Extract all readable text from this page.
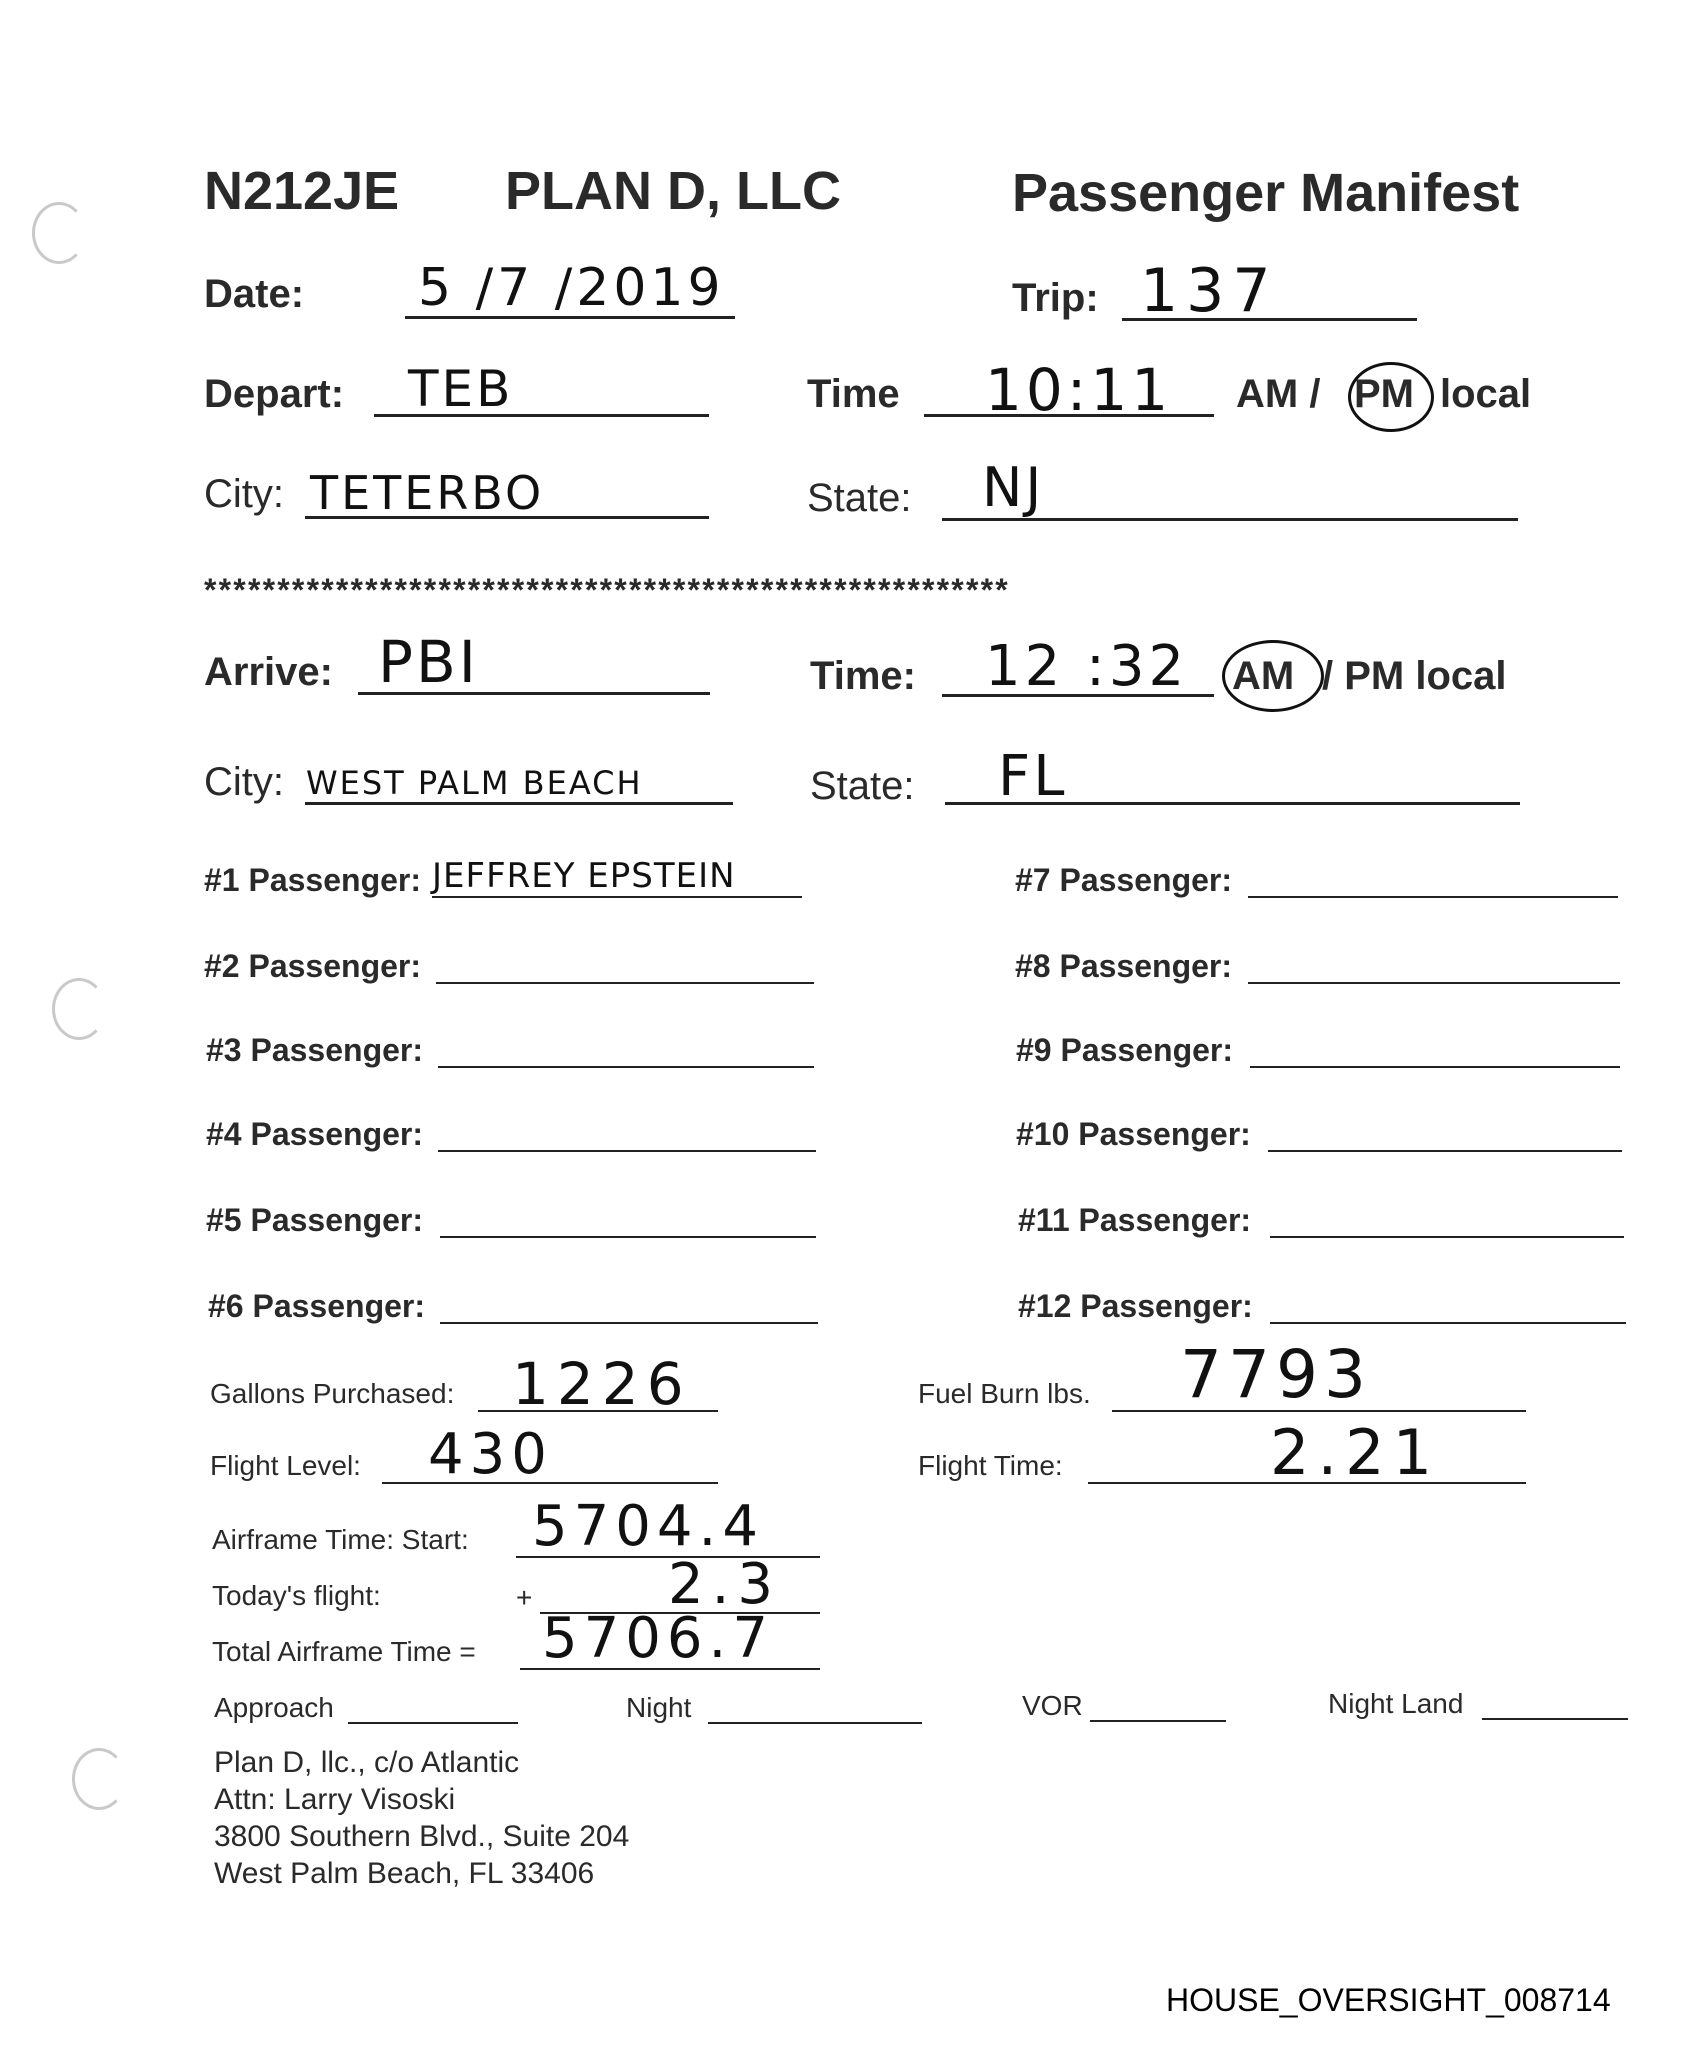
N212JE PLAN D, LLC	Passenger Manifest
Date: 5 /7 /2019	Trip: 137
Depart: TEB	Time 10:11 AM / PM local
City: TETERBO	State: NJ
*******************************************************
Arrive: PBI	Time: 12 :32 AM / PM local
City: WEST PALM BEACH	State: FL
#1 Passenger: JEFFREY EPSTEIN
#2 Passenger:
#3 Passenger:
#4 Passenger:
#5 Passenger:
#6 Passenger:
#7 Passenger:
#8 Passenger:
#9 Passenger:
#10 Passenger:
#11 Passenger:
#12 Passenger:
Gallons Purchased: 1226	Fuel Burn lbs. 7793
Flight Level: 430	Flight Time:	2.21
Airframe Time: Start: 5704.4
Today's flight:	+ 2.3
Total Airframe Time = 5706.7
Approach	Night	VOR	Night Land
Plan D, llc., c/o Atlantic
Attn: Larry Visoski
3800 Southern Blvd., Suite 204
West Palm Beach, FL 33406
HOUSE_OVERSIGHT_008714
